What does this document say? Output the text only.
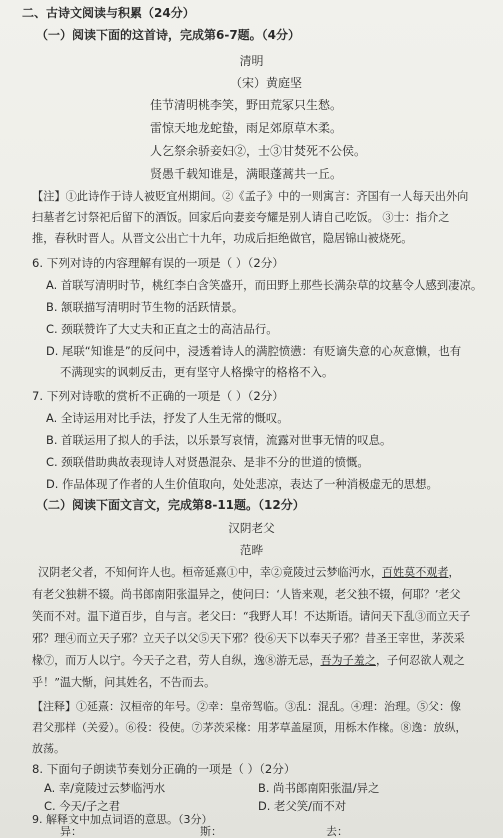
二、古诗文阅读与积累（24分）
（一）阅读下面的这首诗，完成第6-7题。（4分）
清明
（宋）黄庭坚
佳节清明桃李笑，野田荒冢只生愁。
雷惊天地龙蛇蛰，雨足郊原草木柔。
人乞祭余骄妾妇②，士③甘焚死不公侯。
贤愚千载知谁是，满眼蓬蒿共一丘。
【注】①此诗作于诗人被贬宜州期间。②《孟子》中的一则寓言：齐国有一人每天出外向
扫墓者乞讨祭祀后留下的酒饭。回家后向妻妾夸耀是别人请自己吃饭。 ③士：指介之
推，春秋时晋人。从晋文公出亡十九年，功成后拒绝做官，隐居锦山被烧死。
6. 下列对诗的内容理解有误的一项是（ ）（2分）
A. 首联写清明时节，桃红李白含笑盛开，而田野上那些长满杂草的坟墓令人感到凄凉。
B. 颔联描写清明时节生物的活跃情景。
C. 颈联赞许了大丈夫和正直之士的高洁品行。
D. 尾联“知谁是”的反问中，浸透着诗人的满腔愤懑：有贬谪失意的心灰意懒，也有
不满现实的讽刺反击，更有坚守人格操守的格格不入。
7. 下列对诗歌的赏析不正确的一项是（ ）（2分）
A. 全诗运用对比手法，抒发了人生无常的慨叹。
B. 首联运用了拟人的手法，以乐景写哀情，流露对世事无情的叹息。
C. 颈联借助典故表现诗人对贤愚混杂、是非不分的世道的愤慨。
D. 作品体现了作者的人生价值取向，处处悲凉，表达了一种消极虚无的思想。
（二）阅读下面文言文，完成第8-11题。（12分）
汉阴老父
范晔
汉阴老父者，不知何许人也。桓帝延熹①中，幸②竟陵过云梦临沔水，百姓莫不观者，
有老父独耕不辍。尚书郎南阳张温异之，使问曰：‘人皆来观，老父独不辍，何耶？’老父
笑而不对。温下道百步，自与言。老父曰：“我野人耳！不达斯语。请问天下乱③而立天子
邪？理④而立天子邪？立天子以父⑤天下邪？役⑥天下以奉天子邪？昔圣王宰世，茅茨采
椽⑦，而万人以宁。今天子之君，劳人自纵，逸⑧游无忌，吾为子羞之，子何忍欲人观之
乎！”温大惭，问其姓名，不告而去。
【注释】①延熹：汉桓帝的年号。②幸：皇帝驾临。③乱：混乱。④理：治理。⑤父：像
君父那样（关爱）。⑥役：役使。⑦茅茨采椽：用茅草盖屋顶，用栎木作椽。⑧逸：放纵，
放荡。
8. 下面句子朗读节奏划分正确的一项是（ ）（2分）
A. 幸/竟陵过云梦临沔水	B. 尚书郎南阳张温/异之
C. 今天/子之君	D. 老父笑/而不对
9. 解释文中加点词语的意思。（3分）
异：	斯：	去：
